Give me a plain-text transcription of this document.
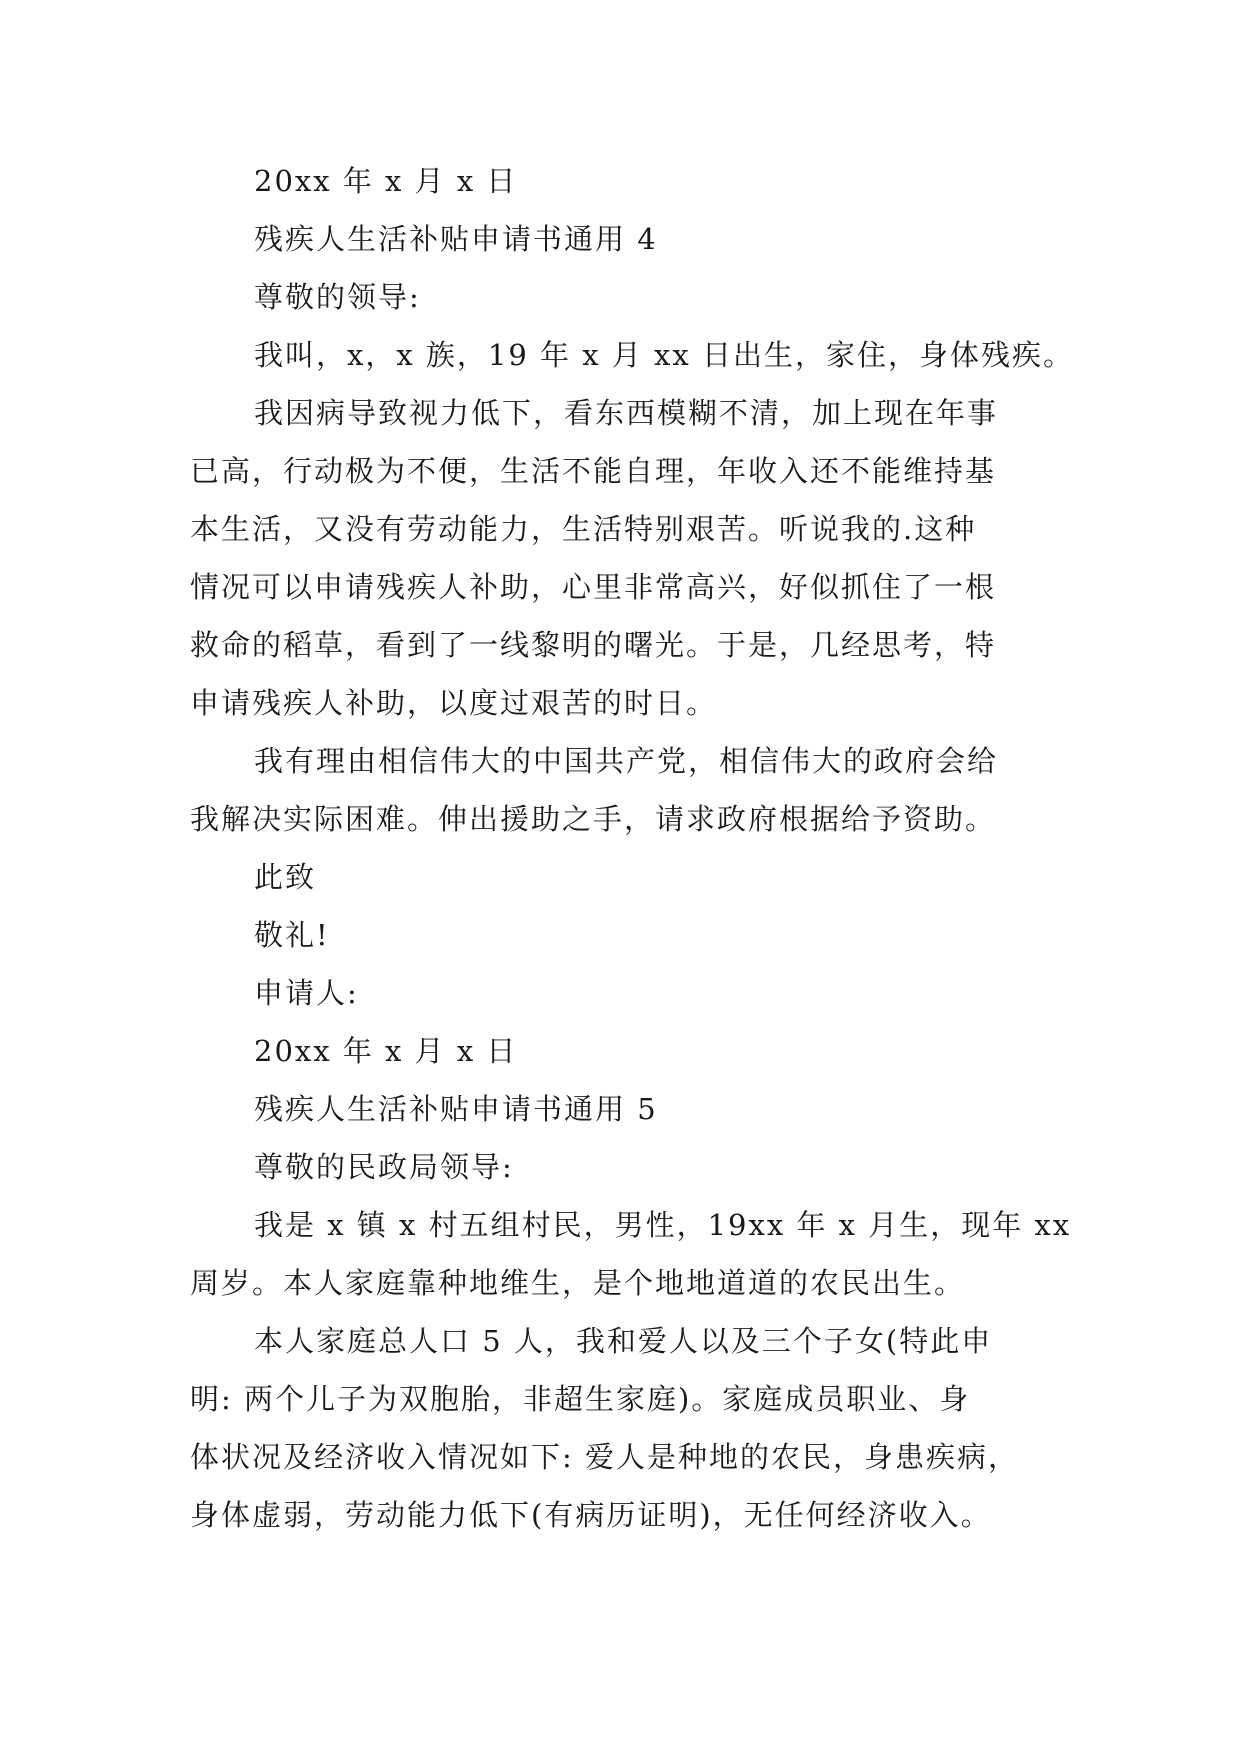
20xx 年 x 月 x 日

残疾人生活补贴申请书通用 4

尊敬的领导:

我叫，x，x 族，19 年 x 月 xx 日出生，家住，身体残疾。

我因病导致视力低下，看东西模糊不清，加上现在年事

已高，行动极为不便，生活不能自理，年收入还不能维持基

本生活，又没有劳动能力，生活特别艰苦。听说我的.这种

情况可以申请残疾人补助，心里非常高兴，好似抓住了一根

救命的稻草，看到了一线黎明的曙光。于是，几经思考，特

申请残疾人补助，以度过艰苦的时日。

我有理由相信伟大的中国共产党，相信伟大的政府会给

我解决实际困难。伸出援助之手，请求政府根据给予资助。

此致

敬礼!

申请人:

20xx 年 x 月 x 日

残疾人生活补贴申请书通用 5

尊敬的民政局领导:

我是 x 镇 x 村五组村民，男性，19xx 年 x 月生，现年 xx

周岁。本人家庭靠种地维生，是个地地道道的农民出生。

本人家庭总人口 5 人，我和爱人以及三个子女(特此申

明: 两个儿子为双胞胎，非超生家庭)。家庭成员职业、身

体状况及经济收入情况如下: 爱人是种地的农民，身患疾病，

身体虚弱，劳动能力低下(有病历证明)，无任何经济收入。
